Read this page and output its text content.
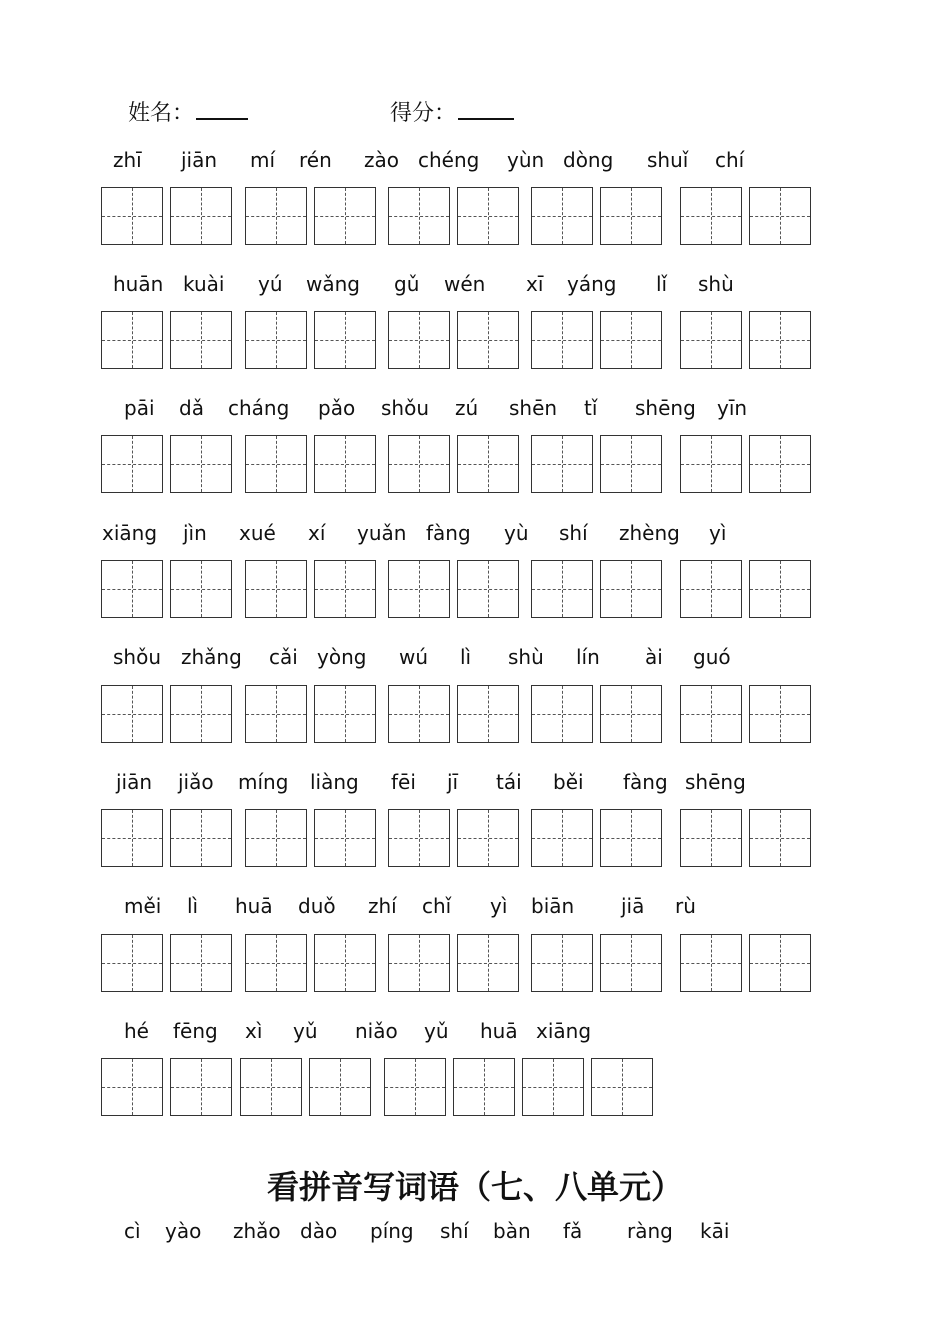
姓名：	得分：
zhī jiān mí rén zào chéng yùn dòng shuǐ chí
huān kuài yú wǎng gǔ wén xī yáng lǐ shù
pāi dǎ cháng pǎo shǒu zú shēn tǐ shēng yīn
xiāng jìn xué xí yuǎn fàng yù shí zhèng yì
shǒu zhǎng cǎi yòng wú lì shù lín ài guó
jiān jiǎo míng liàng fēi jī tái běi fàng shēng
měi lì huā duǒ zhí chǐ yì biān jiā rù
hé fēng xì yǔ niǎo yǔ huā xiāng
看拼音写词语（七、八单元）
cì yào zhǎo dào píng shí bàn fǎ ràng kāi
